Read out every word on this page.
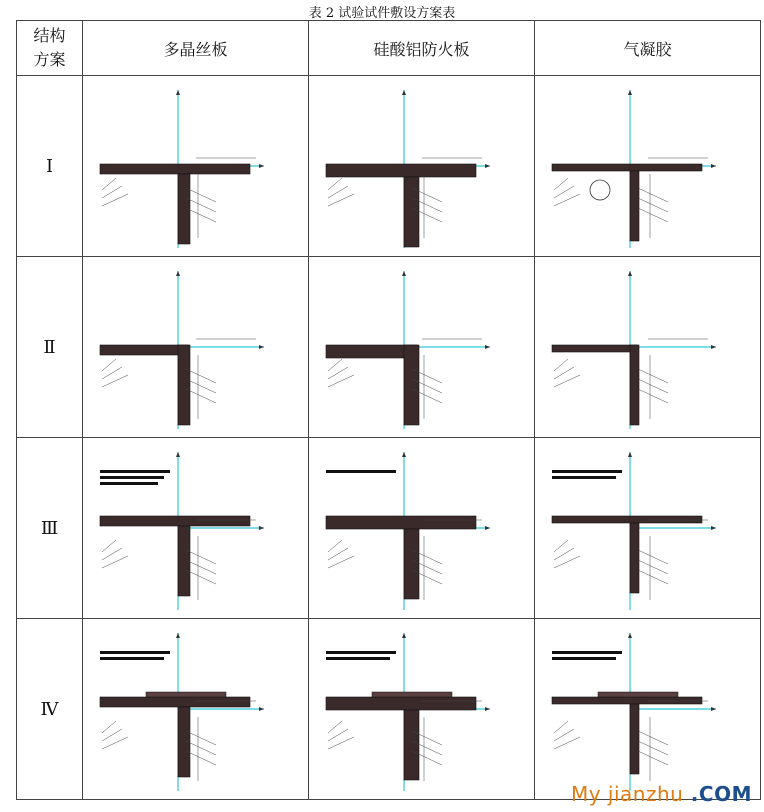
表 2 试验试件敷设方案表
结构
方案	多晶丝板	硅酸铝防火板	气凝胶
Ⅰ	

Ⅱ	

Ⅲ	

Ⅳ	

My jianzhu .COM
